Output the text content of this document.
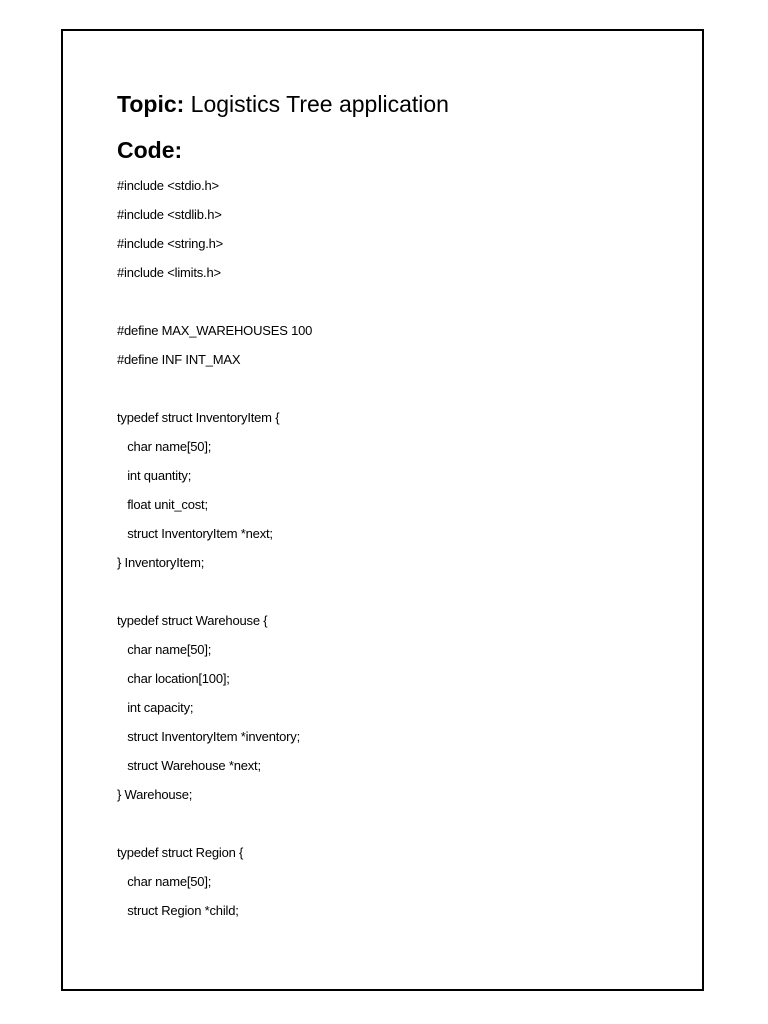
Topic: Logistics Tree application
Code:
#include <stdio.h>
#include <stdlib.h>
#include <string.h>
#include <limits.h>
#define MAX_WAREHOUSES 100
#define INF INT_MAX
typedef struct InventoryItem {
char name[50];
int quantity;
float unit_cost;
struct InventoryItem *next;
} InventoryItem;
typedef struct Warehouse {
char name[50];
char location[100];
int capacity;
struct InventoryItem *inventory;
struct Warehouse *next;
} Warehouse;
typedef struct Region {
char name[50];
struct Region *child;
